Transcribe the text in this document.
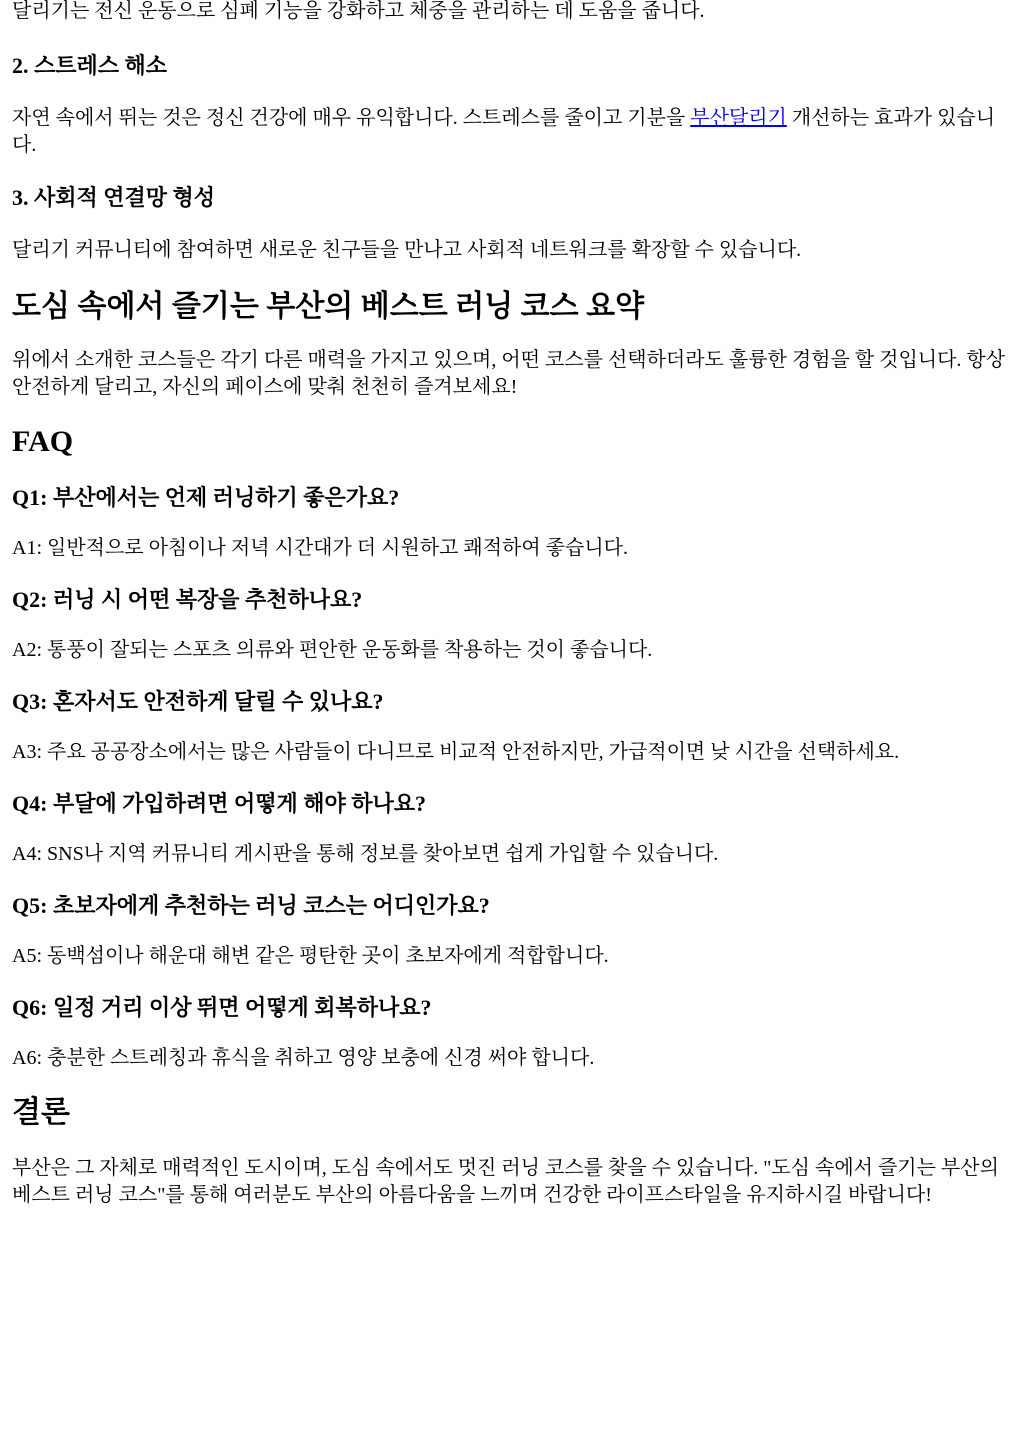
달리기는 전신 운동으로 심폐 기능을 강화하고 체중을 관리하는 데 도움을 줍니다.

2. 스트레스 해소

자연 속에서 뛰는 것은 정신 건강에 매우 유익합니다. 스트레스를 줄이고 기분을 부산달리기 개선하는 효과가 있습니다.

3. 사회적 연결망 형성

달리기 커뮤니티에 참여하면 새로운 친구들을 만나고 사회적 네트워크를 확장할 수 있습니다.

도심 속에서 즐기는 부산의 베스트 러닝 코스 요약

위에서 소개한 코스들은 각기 다른 매력을 가지고 있으며, 어떤 코스를 선택하더라도 훌륭한 경험을 할 것입니다. 항상 안전하게 달리고, 자신의 페이스에 맞춰 천천히 즐겨보세요!

FAQ
Q1: 부산에서는 언제 러닝하기 좋은가요?

A1: 일반적으로 아침이나 저녁 시간대가 더 시원하고 쾌적하여 좋습니다.

Q2: 러닝 시 어떤 복장을 추천하나요?

A2: 통풍이 잘되는 스포츠 의류와 편안한 운동화를 착용하는 것이 좋습니다.

Q3: 혼자서도 안전하게 달릴 수 있나요?

A3: 주요 공공장소에서는 많은 사람들이 다니므로 비교적 안전하지만, 가급적이면 낮 시간을 선택하세요.

Q4: 부달에 가입하려면 어떻게 해야 하나요?

A4: SNS나 지역 커뮤니티 게시판을 통해 정보를 찾아보면 쉽게 가입할 수 있습니다.

Q5: 초보자에게 추천하는 러닝 코스는 어디인가요?

A5: 동백섬이나 해운대 해변 같은 평탄한 곳이 초보자에게 적합합니다.

Q6: 일정 거리 이상 뛰면 어떻게 회복하나요?

A6: 충분한 스트레칭과 휴식을 취하고 영양 보충에 신경 써야 합니다.

결론

부산은 그 자체로 매력적인 도시이며, 도심 속에서도 멋진 러닝 코스를 찾을 수 있습니다. "도심 속에서 즐기는 부산의 베스트 러닝 코스"를 통해 여러분도 부산의 아름다움을 느끼며 건강한 라이프스타일을 유지하시길 바랍니다!
